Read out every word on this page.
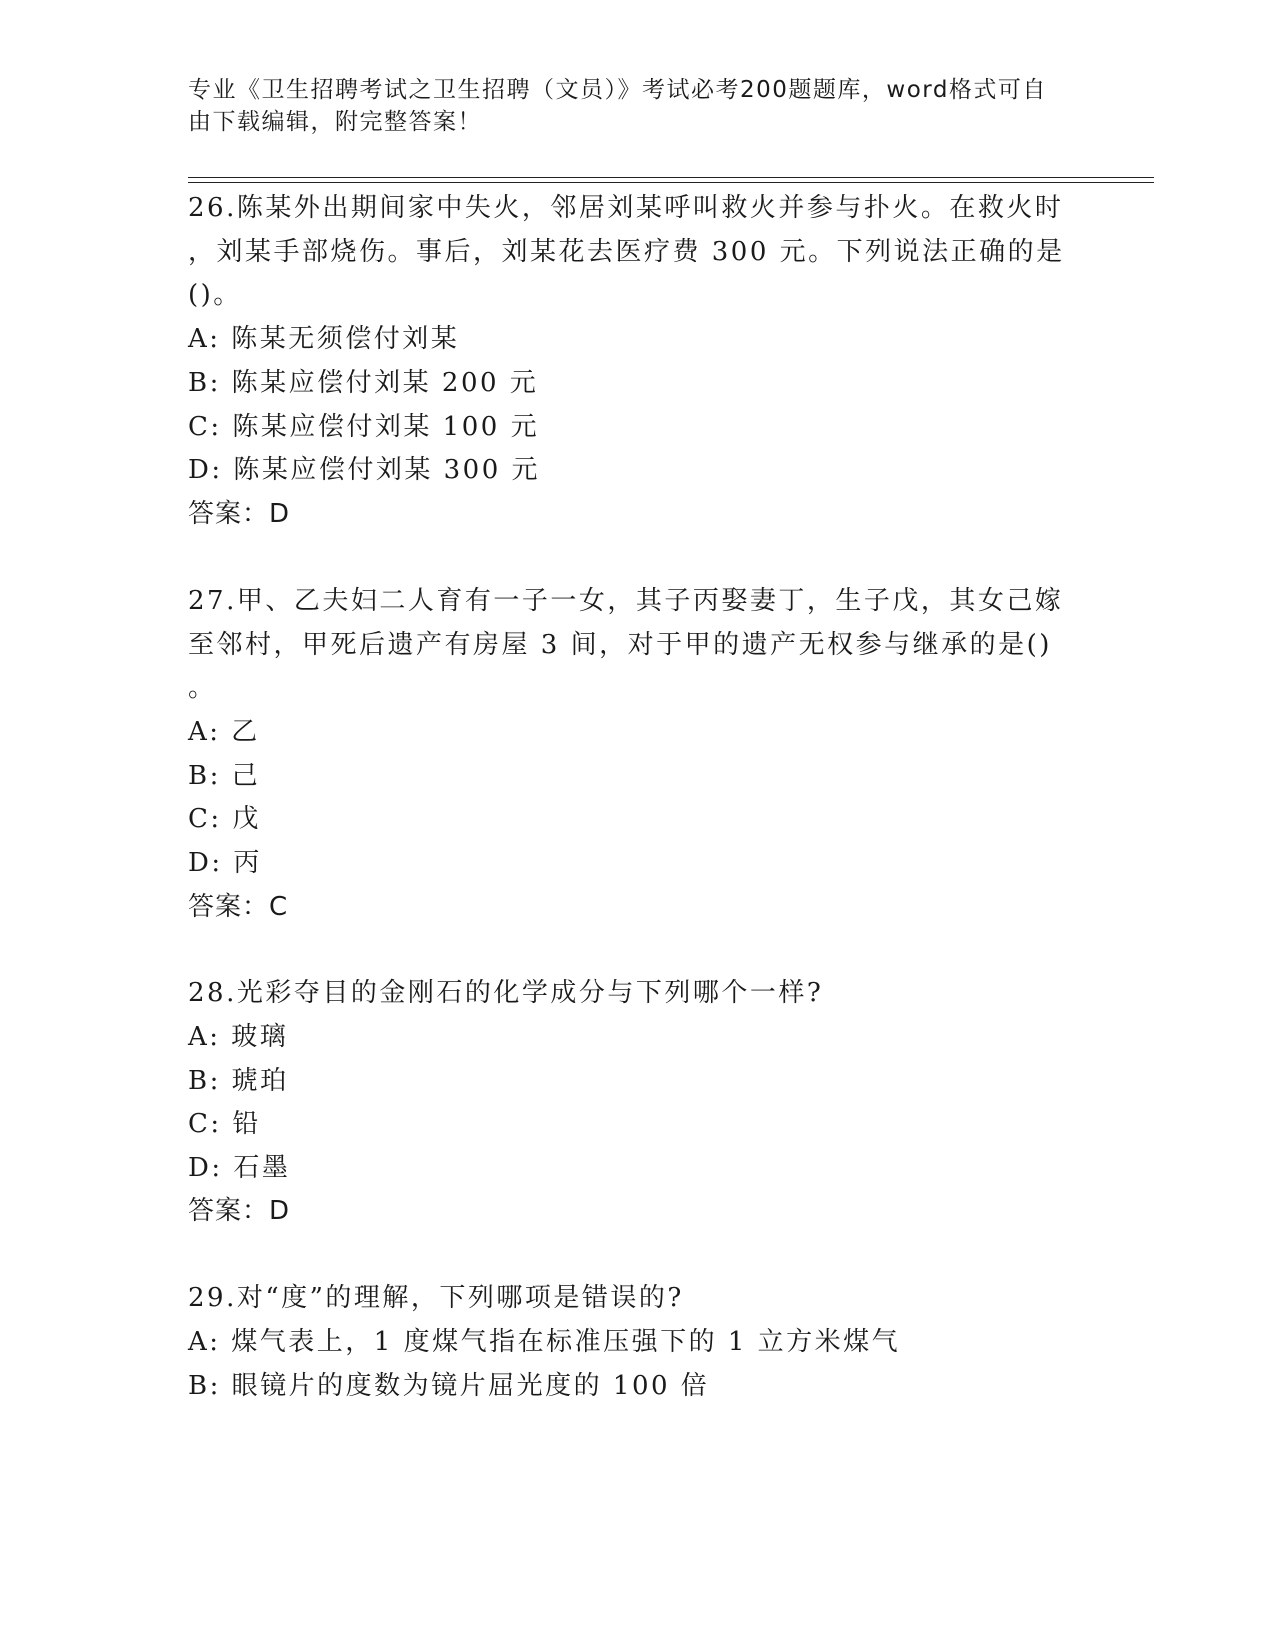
专业《卫生招聘考试之卫生招聘（文员）》考试必考200题题库，word格式可自
由下载编辑，附完整答案！
26.陈某外出期间家中失火，邻居刘某呼叫救火并参与扑火。在救火时
，刘某手部烧伤。事后，刘某花去医疗费 300 元。下列说法正确的是
()。
A: 陈某无须偿付刘某
B: 陈某应偿付刘某 200 元
C: 陈某应偿付刘某 100 元
D: 陈某应偿付刘某 300 元
答案：D
27.甲、乙夫妇二人育有一子一女，其子丙娶妻丁，生子戊，其女己嫁
至邻村，甲死后遗产有房屋 3 间，对于甲的遗产无权参与继承的是()
。
A: 乙
B: 己
C: 戊
D: 丙
答案：C
28.光彩夺目的金刚石的化学成分与下列哪个一样?
A: 玻璃
B: 琥珀
C: 铅
D: 石墨
答案：D
29.对“度”的理解，下列哪项是错误的?
A: 煤气表上，1 度煤气指在标准压强下的 1 立方米煤气
B: 眼镜片的度数为镜片屈光度的 100 倍
